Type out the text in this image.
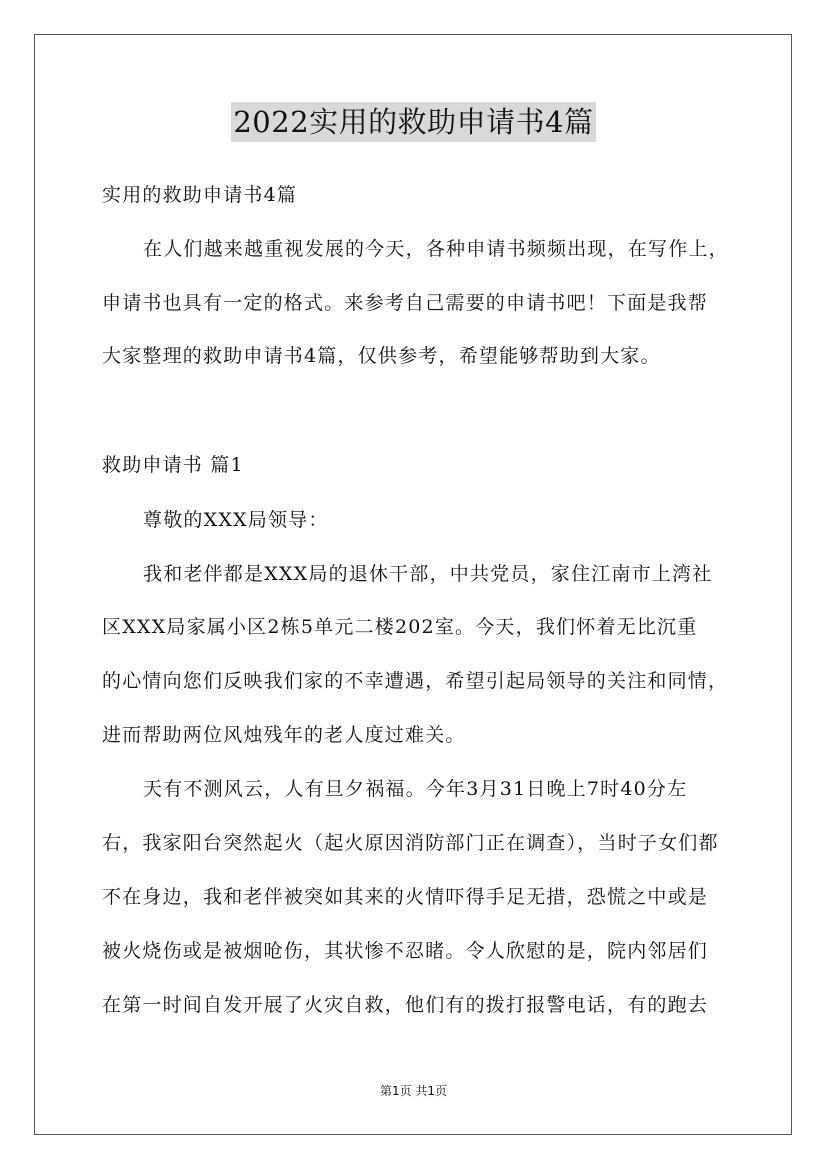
2022实用的救助申请书4篇
实用的救助申请书4篇
在人们越来越重视发展的今天，各种申请书频频出现，在写作上，
申请书也具有一定的格式。来参考自己需要的申请书吧！下面是我帮
大家整理的救助申请书4篇，仅供参考，希望能够帮助到大家。
救助申请书 篇1
尊敬的XXX局领导：
我和老伴都是XXX局的退休干部，中共党员，家住江南市上湾社
区XXX局家属小区2栋5单元二楼202室。今天，我们怀着无比沉重
的心情向您们反映我们家的不幸遭遇，希望引起局领导的关注和同情，
进而帮助两位风烛残年的老人度过难关。
天有不测风云，人有旦夕祸福。今年3月31日晚上7时40分左
右，我家阳台突然起火（起火原因消防部门正在调查），当时子女们都
不在身边，我和老伴被突如其来的火情吓得手足无措，恐慌之中或是
被火烧伤或是被烟呛伤，其状惨不忍睹。令人欣慰的是，院内邻居们
在第一时间自发开展了火灾自救，他们有的拨打报警电话，有的跑去
第1页 共1页
